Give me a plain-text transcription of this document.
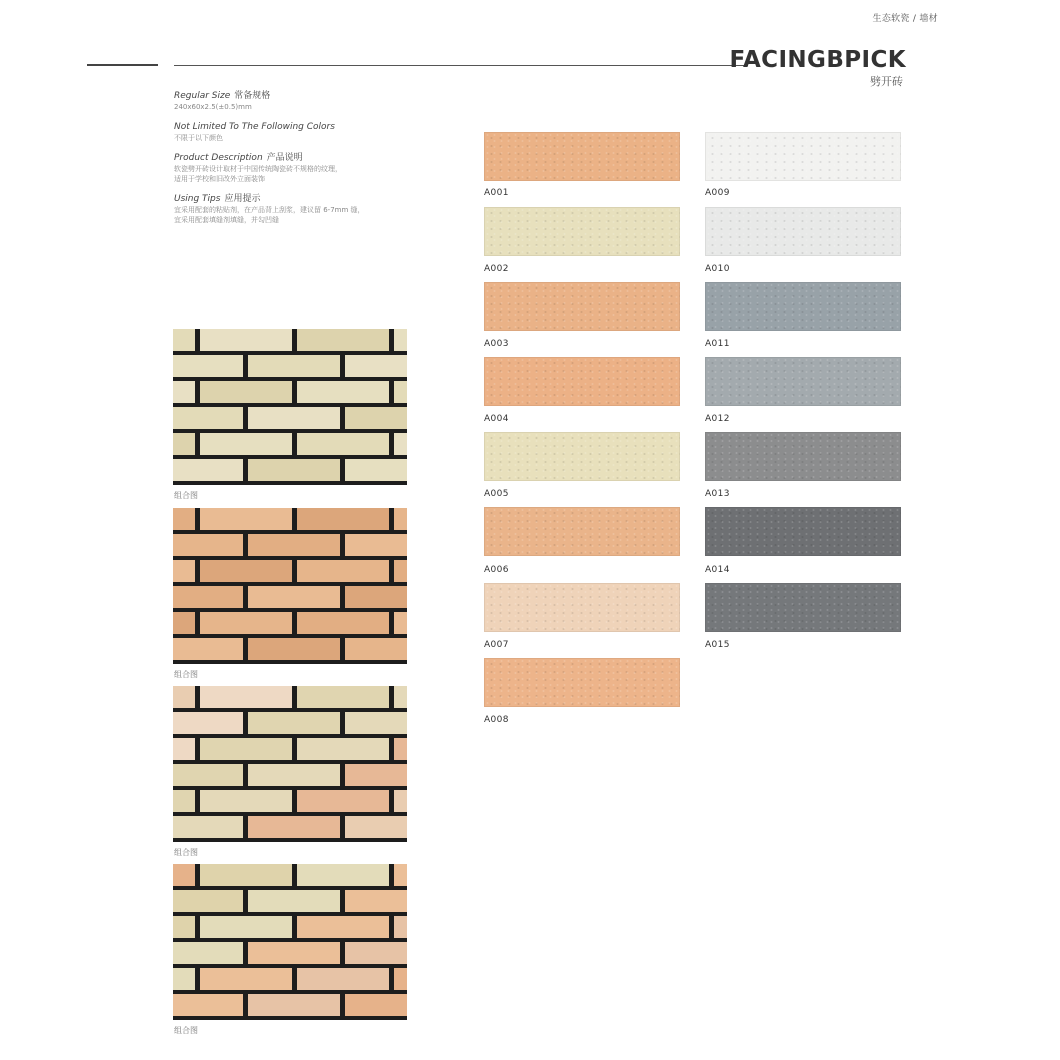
生态软瓷 / 墙材
FACINGBPICK
劈开砖
Regular Size 常备规格
240x60x2.5(±0.5)mm
Not Limited To The Following Colors
不限于以下颜色
Product Description 产品说明
软瓷劈开砖设计取材于中国传统陶瓷砖不规格的纹理，
适用于学校和旧改外立面装饰
Using Tips 应用提示
宜采用配套的粘贴剂，在产品背上刮浆，建议留 6-7mm 缝，
宜采用配套填缝剂填缝，并勾凹缝
组合图
组合图
组合图
组合图
A001
A002
A003
A004
A005
A006
A007
A008
A009
A010
A011
A012
A013
A014
A015
